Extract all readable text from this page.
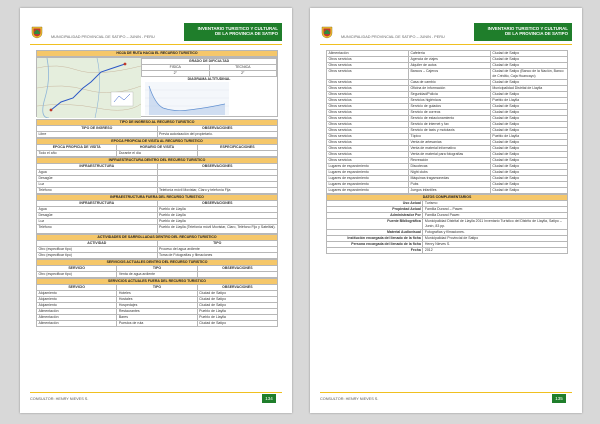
MUNICIPALIDAD PROVINCIAL DE SATIPO – JUNIN - PERU
INVENTARIO TURISTICO Y CULTURAL
DE LA PROVINCIA DE SATIPO
HOJA DE RUTA HACIA EL RECURSO TURISTICO
GRADO DE DIFICULTAD	
FISICA	TECNICA
2°	2°
DIAGRAMA ALTITUDINAL	
TIPO DE INGRESO AL RECURSO TURISTICO	
TIPO DE INGRESO	OBSERVACIONES
Libre	Previa autorización del propietario.
EPOCA PROPICIA DE VISITA AL RECURSO TURISTICO		
EPOCA PROPICIA DE VISITA	HORARIO DE VISITA	ESPECIFICACIONES
Todo el año	Durante el día	
INFRAESTRUCTURA DENTRO DEL RECURSO TURISTICO	
INFRAESTRUCTURA	OBSERVACIONES
Agua	
Desagüe	
Luz	
Teléfono	Telefonía móvil Movistar, Claro y telefonía Fija
INFRAESTRUCTURA FUERA DEL RECURSO TURISTICO	
INFRAESTRUCTURA	OBSERVACIONES
Agua	Pueblo de Llaylla
Desagüe	Pueblo de Llaylla
Luz	Pueblo de Llaylla
Teléfono	Pueblo de Llaylla (Telefonía móvil Movistar, Claro, Teléfono Fijo y Satelital).
ACTIVIDADES DE SARROLLADAS DENTRO DEL RECURSO TURISTICO	
ACTIVIDAD	TIPO
Otro (especificar tipo)	Proceso del agua ardiente
Otro (especificar tipo)	Toma de Fotografías y filmaciones
SERVICIOS ACTUALES DENTRO DEL RECURSO TURISTICO		
SERVICIO	TIPO	OBSERVACIONES
Otro (especificar tipo)	Venta de agua ardiente	
SERVICIOS ACTUALES FUERA DEL RECURSO TURISTICO		
SERVICIO	TIPO	OBSERVACIONES
Alojamiento	Hoteles	Ciudad de Satipo
Alojamiento	Hostales	Ciudad de Satipo
Alojamiento	Hospedajes	Ciudad de Satipo
Alimentación	Restaurantes	Pueblo de Llaylla
Alimentación	Bares	Pueblo de Llaylla
Alimentación	Puestos de ruta	Ciudad de Satipo
CONSULTOR: HENRY NIEVES S.	134
MUNICIPALIDAD PROVINCIAL DE SATIPO – JUNIN - PERU
INVENTARIO TURISTICO Y CULTURAL
DE LA PROVINCIA DE SATIPO
Alimentación	Cafetería	Ciudad de Satipo
Otros servicios	Agencia de viajes	Ciudad de Satipo
Otros servicios	Alquiler de autos	Ciudad de Satipo
Otros servicios	Bancos – Cajeros	Ciudad de Satipo (Banco de la Nación, Banco de Crédito, Caja Huancayo)
Otros servicios	Casa de cambio	Ciudad de Satipo
Otros servicios	Oficina de información	Municipalidad Distrital de Llaylla
Otros servicios	Seguridad/Policía	Ciudad de Satipo
Otros servicios	Servicios higiénicos	Pueblo de Llaylla
Otros servicios	Servicio de guiados	Ciudad de Satipo
Otros servicios	Servicio de correos	Ciudad de Satipo
Otros servicios	Servicio de estacionamiento	Ciudad de Satipo
Otros servicios	Servicio de internet y fax	Ciudad de Satipo
Otros servicios	Servicio de taxis y mototaxis	Ciudad de Satipo
Otros servicios	Tópico	Pueblo de Llaylla
Otros servicios	Venta de artesanías	Ciudad de Satipo
Otros servicios	Venta de material informativo	Ciudad de Satipo
Otros servicios	Venta de material para fotografías	Ciudad de Satipo
Otros servicios	Recreación	Ciudad de Satipo
Lugares de esparcimiento	Discotecas	Ciudad de Satipo
Lugares de esparcimiento	Night clubs	Ciudad de Satipo
Lugares de esparcimiento	Máquinas tragamonedas	Ciudad de Satipo
Lugares de esparcimiento	Pubs	Ciudad de Satipo
Lugares de esparcimiento	Juegos infantiles	Ciudad de Satipo
DATOS COMPLEMENTARIOS	
Uso Actual	Turismo
Propiedad Actual	Familia Durand – Pawer.
Administrador Por	Familia Durand Pawer.
Fuente Bibliográfica	Municipalidad Distrital de Llaylla 2011 Inventario Turístico del Distrito de Llaylla, Satipo – Junín, 83 pp.
Material Audiovisual	Fotografías y filmaciones.
Institución encargada del llenado de la ficha	Municipalidad Provincial de Satipo
Persona encargada del llenado de la ficha	Henry Nieves S.
Fecha	2012
CONSULTOR: HENRY NIEVES S.	135
